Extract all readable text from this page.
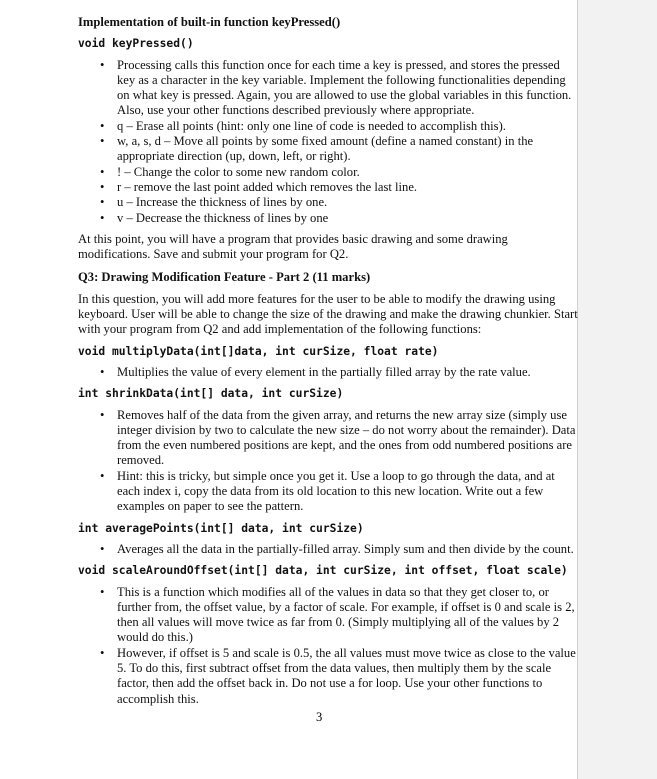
Implementation of built-in function keyPressed()
void keyPressed()
• Processing calls this function once for each time a key is pressed, and stores the pressed key as a character in the key variable. Implement the following functionalities depending on what key is pressed. Again, you are allowed to use the global variables in this function. Also, use your other functions described previously where appropriate.
• q – Erase all points (hint: only one line of code is needed to accomplish this).
• w, a, s, d – Move all points by some fixed amount (define a named constant) in the appropriate direction (up, down, left, or right).
• ! – Change the color to some new random color.
• r – remove the last point added which removes the last line.
• u – Increase the thickness of lines by one.
• v – Decrease the thickness of lines by one

At this point, you will have a program that provides basic drawing and some drawing modifications. Save and submit your program for Q2.

Q3: Drawing Modification Feature - Part 2 (11 marks)

In this question, you will add more features for the user to be able to modify the drawing using keyboard. User will be able to change the size of the drawing and make the drawing chunkier. Start with your program from Q2 and add implementation of the following functions:

void multiplyData(int[]data, int curSize, float rate)
• Multiplies the value of every element in the partially filled array by the rate value.
int shrinkData(int[] data, int curSize)
• Removes half of the data from the given array, and returns the new array size (simply use integer division by two to calculate the new size – do not worry about the remainder). Data from the even numbered positions are kept, and the ones from odd numbered positions are removed.
• Hint: this is tricky, but simple once you get it. Use a loop to go through the data, and at each index i, copy the data from its old location to this new location. Write out a few examples on paper to see the pattern.
int averagePoints(int[] data, int curSize)
• Averages all the data in the partially-filled array. Simply sum and then divide by the count.
void scaleAroundOffset(int[] data, int curSize, int offset, float scale)
• This is a function which modifies all of the values in data so that they get closer to, or further from, the offset value, by a factor of scale. For example, if offset is 0 and scale is 2, then all values will move twice as far from 0. (Simply multiplying all of the values by 2 would do this.)
• However, if offset is 5 and scale is 0.5, the all values must move twice as close to the value 5. To do this, first subtract offset from the data values, then multiply them by the scale factor, then add the offset back in. Do not use a for loop. Use your other functions to accomplish this.
3
